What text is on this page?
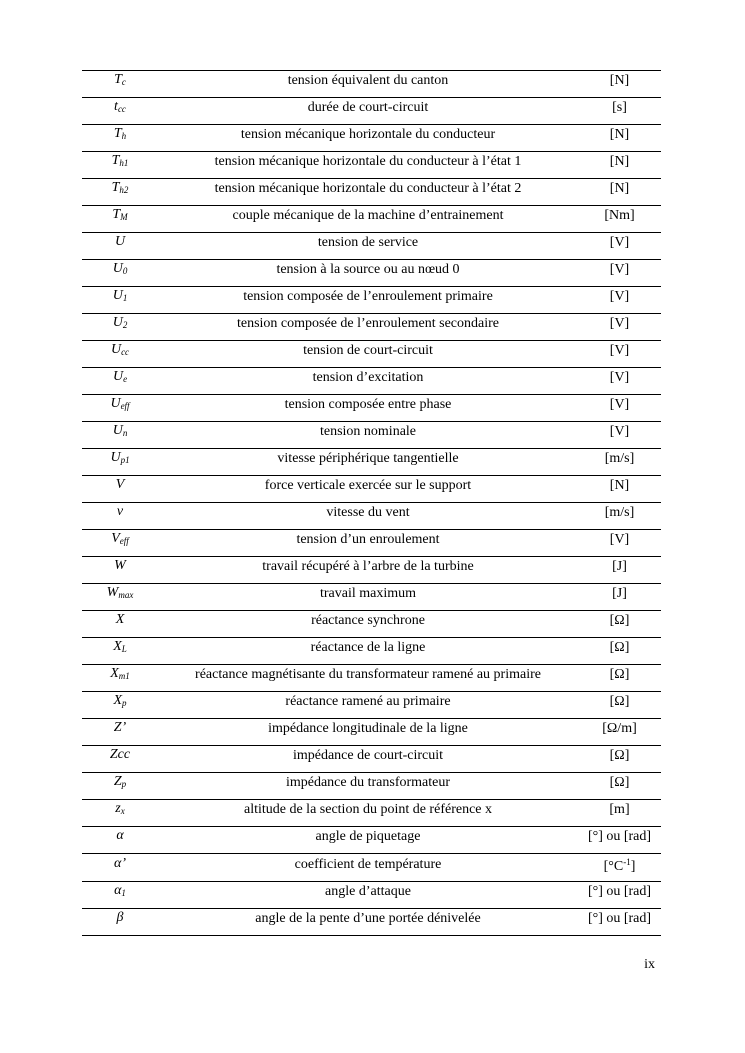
$T_c$	tension équivalent du canton	[N]
$t_{cc}$	durée de court-circuit	[s]
$T_h$	tension mécanique horizontale du conducteur	[N]
$T_{h1}$	tension mécanique horizontale du conducteur à l’état 1	[N]
$T_{h2}$	tension mécanique horizontale du conducteur à l’état 2	[N]
$T_M$	couple mécanique de la machine d’entrainement	[Nm]
U	tension de service	[V]
$U_0$	tension à la source ou au nœud 0	[V]
$U_1$	tension composée de l’enroulement primaire	[V]
$U_2$	tension composée de l’enroulement secondaire	[V]
$U_{cc}$	tension de court-circuit	[V]
$U_e$	tension d’excitation	[V]
$U_{eff}$	tension composée entre phase	[V]
$U_n$	tension nominale	[V]
$U_{p1}$	vitesse périphérique tangentielle	[m/s]
V	force verticale exercée sur le support	[N]
v	vitesse du vent	[m/s]
$V_{eff}$	tension d’un enroulement	[V]
W	travail récupéré à l’arbre de la turbine	[J]
$W_{max}$	travail maximum	[J]
X	réactance synchrone	[Ω]
$X_L$	réactance de la ligne	[Ω]
$X_{m1}$	réactance magnétisante du transformateur ramené au primaire	[Ω]
$X_p$	réactance ramené au primaire	[Ω]
Z’	impédance longitudinale de la ligne	[Ω/m]
Zcc	impédance de court-circuit	[Ω]
$Z_p$	impédance du transformateur	[Ω]
$z_x$	altitude de la section du point de référence x	[m]
α	angle de piquetage	[°] ou [rad]
α’	coefficient de température	$[^\circ C^{-1}]$
$\alpha_1$	angle d’attaque	[°] ou [rad]
β	angle de la pente d’une portée dénivelée	[°] ou [rad]
ix
